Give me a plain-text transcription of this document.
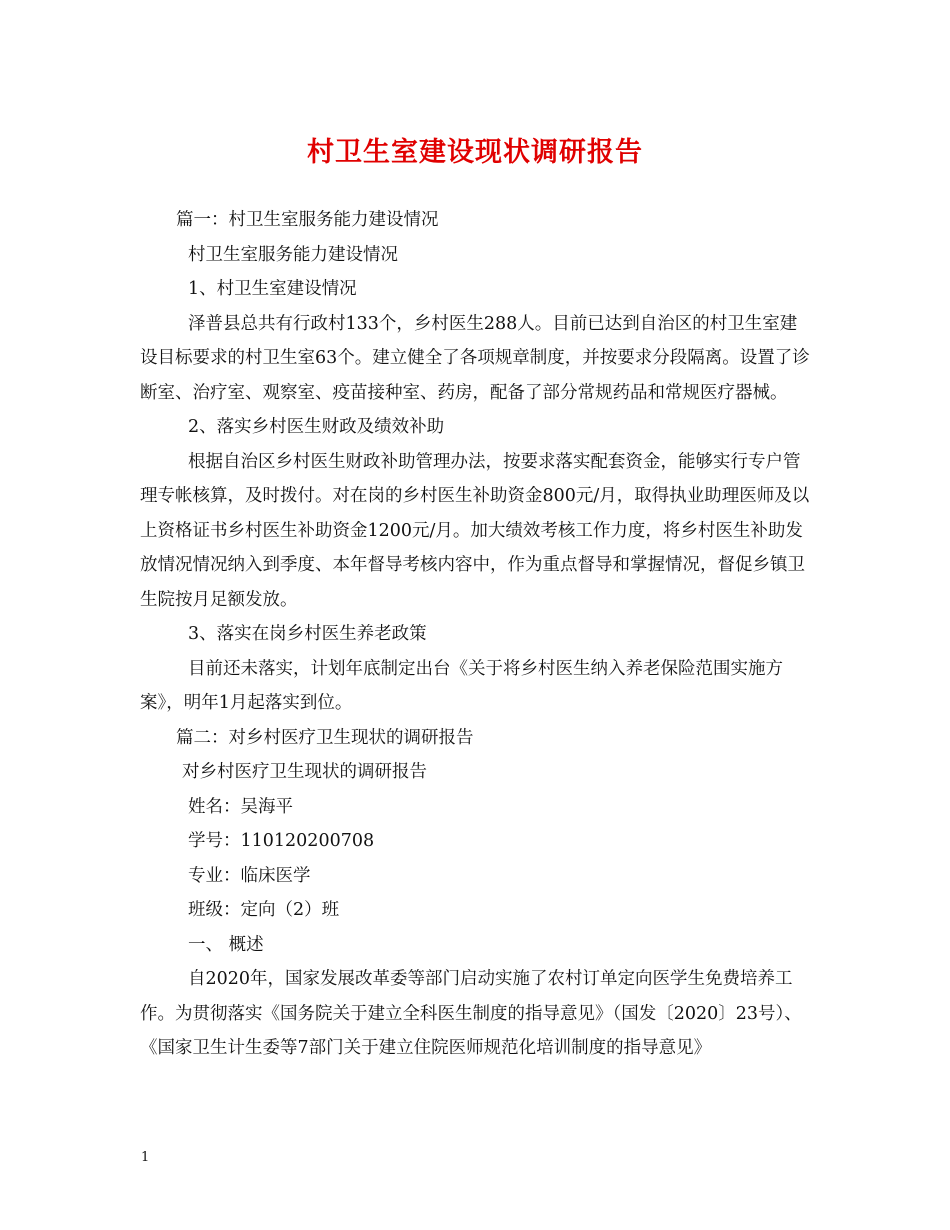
村卫生室建设现状调研报告

篇一：村卫生室服务能力建设情况

村卫生室服务能力建设情况

1、村卫生室建设情况

泽普县总共有行政村133个，乡村医生288人。目前已达到自治区的村卫生室建设目标要求的村卫生室63个。建立健全了各项规章制度，并按要求分段隔离。设置了诊断室、治疗室、观察室、疫苗接种室、药房，配备了部分常规药品和常规医疗器械。

2、落实乡村医生财政及绩效补助

根据自治区乡村医生财政补助管理办法，按要求落实配套资金，能够实行专户管理专帐核算，及时拨付。对在岗的乡村医生补助资金800元/月，取得执业助理医师及以上资格证书乡村医生补助资金1200元/月。加大绩效考核工作力度，将乡村医生补助发放情况情况纳入到季度、本年督导考核内容中，作为重点督导和掌握情况，督促乡镇卫生院按月足额发放。

3、落实在岗乡村医生养老政策

目前还未落实，计划年底制定出台《关于将乡村医生纳入养老保险范围实施方案》，明年1月起落实到位。

篇二：对乡村医疗卫生现状的调研报告

对乡村医疗卫生现状的调研报告

姓名：吴海平

学号：110120200708

专业：临床医学

班级：定向（2）班

一、 概述

自2020年，国家发展改革委等部门启动实施了农村订单定向医学生免费培养工作。为贯彻落实《国务院关于建立全科医生制度的指导意见》（国发〔2020〕23号）、《国家卫生计生委等7部门关于建立住院医师规范化培训制度的指导意见》

1
